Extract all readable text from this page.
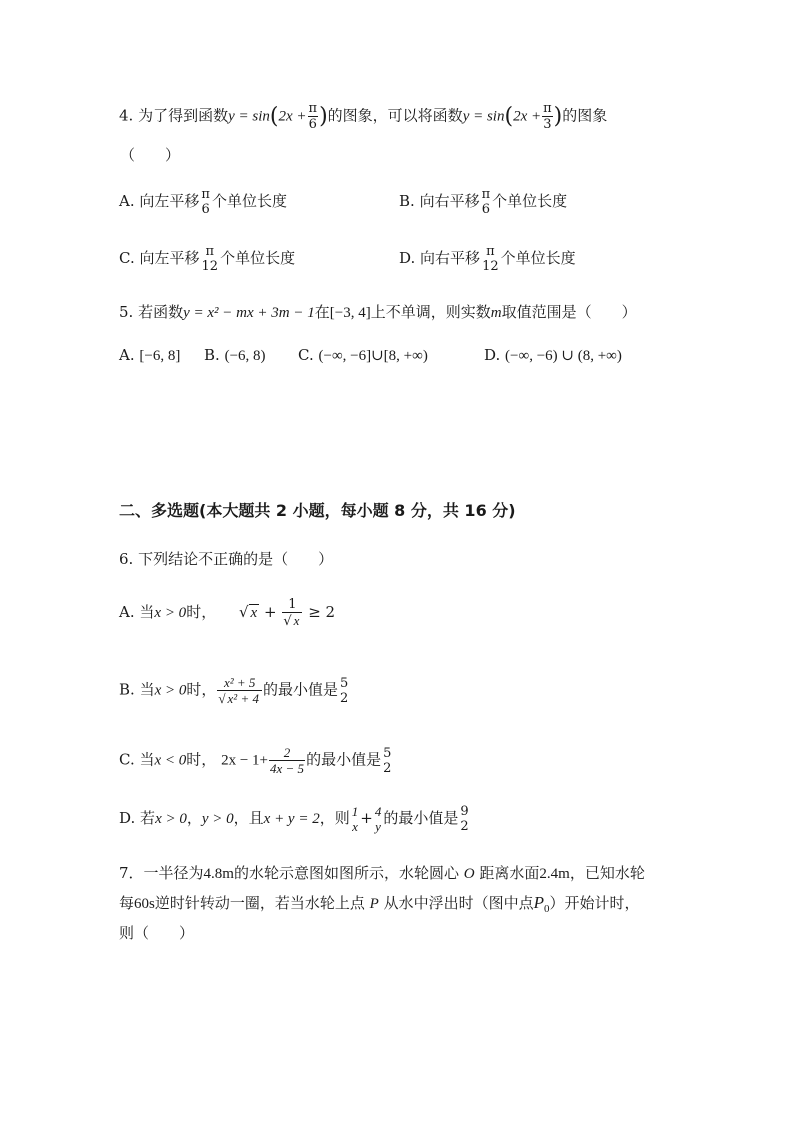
4. 为了得到函数$y = \sin(2x + \frac{\pi}{6}$ )的图象，可以将函数$y = \sin(2x + \frac{\pi}{3}$ )的图象
（　　）
A. 向左平移 π
6 个单位长度	B. 向右平移 π
6 个单位长度
C. 向左平移 π
12 个单位长度	D. 向右平移 π
12 个单位长度
5. 若函数y = x² − mx + 3m − 1在[−3, 4]上不单调，则实数m取值范围是（　　）
A. [−6, 8] B. (−6, 8) C. (−∞, −6]∪[8, +∞)	D. (−∞, −6) ∪ (8, +∞)
二、多选题(本大题共 2 小题，每小题 8 分，共 16 分)
6. 下列结论不正确的是（　　）
A. 当x > 0时， √ $x + \frac{1}{√ x} \ge 2$
B. 当x > 0时， $\frac{\text{x² + 5}}{\text{√ x² + 4}}$ 的最小值是 5
2
C. 当x < 0时， $2x - 1+ \frac{2}{4x - 5}$ 的最小值是 5
2
D. 若x > 0，y > 0，且x + y = 2，则 1
x + 4
y 的最小值是 9
2
7．一半径为4.8m的水轮示意图如图所示，水轮圆心 O 距离水面2.4m，已知水轮
每60s逆时针转动一圈，若当水轮上点 P 从水中浮出时（图中点$P_0$）开始计时，
则（　　）
